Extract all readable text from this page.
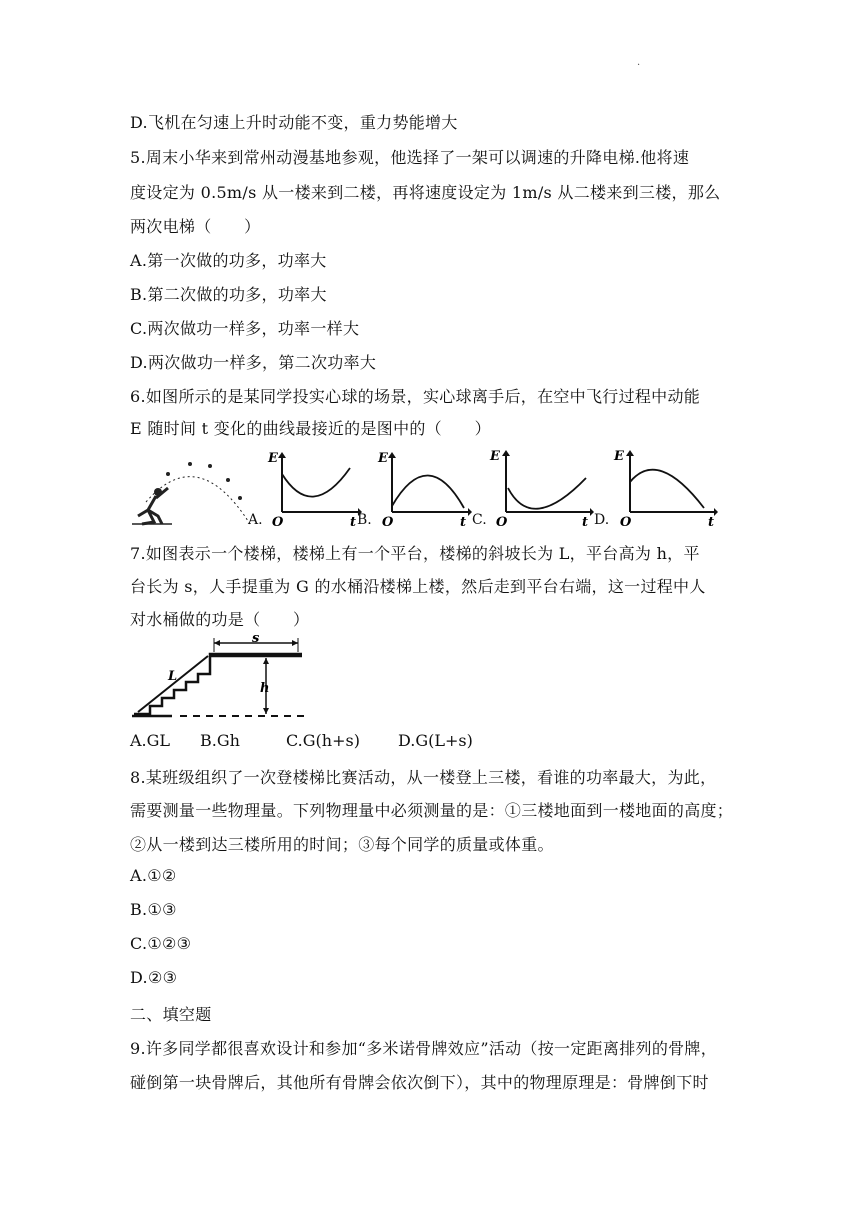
·
D.飞机在匀速上升时动能不变，重力势能增大
5.周末小华来到常州动漫基地参观，他选择了一架可以调速的升降电梯.他将速
度设定为 0.5m/s 从一楼来到二楼，再将速度设定为 1m/s 从二楼来到三楼，那么
两次电梯（　　）
A.第一次做的功多，功率大
B.第二次做的功多，功率大
C.两次做功一样多，功率一样大
D.两次做功一样多，第二次功率大
6.如图所示的是某同学投实心球的场景，实心球离手后，在空中飞行过程中动能
E 随时间 t 变化的曲线最接近的是图中的（　　）
A.
E
O	t B.
E
O	t C.
E
O	t D.
E
O	t
7.如图表示一个楼梯，楼梯上有一个平台，楼梯的斜坡长为 L，平台高为 h，平
台长为 s，人手提重为 G 的水桶沿楼梯上楼，然后走到平台右端，这一过程中人
对水桶做的功是（　　）
L
h
s
A.GL B.Gh	C.G(h+s) D.G(L+s)
8.某班级组织了一次登楼梯比赛活动，从一楼登上三楼，看谁的功率最大，为此，
需要测量一些物理量。下列物理量中必须测量的是：①三楼地面到一楼地面的高度；
②从一楼到达三楼所用的时间；③每个同学的质量或体重。
A.①②
B.①③
C.①②③
D.②③
二、填空题
9.许多同学都很喜欢设计和参加“多米诺骨牌效应”活动（按一定距离排列的骨牌，
碰倒第一块骨牌后，其他所有骨牌会依次倒下），其中的物理原理是：骨牌倒下时
